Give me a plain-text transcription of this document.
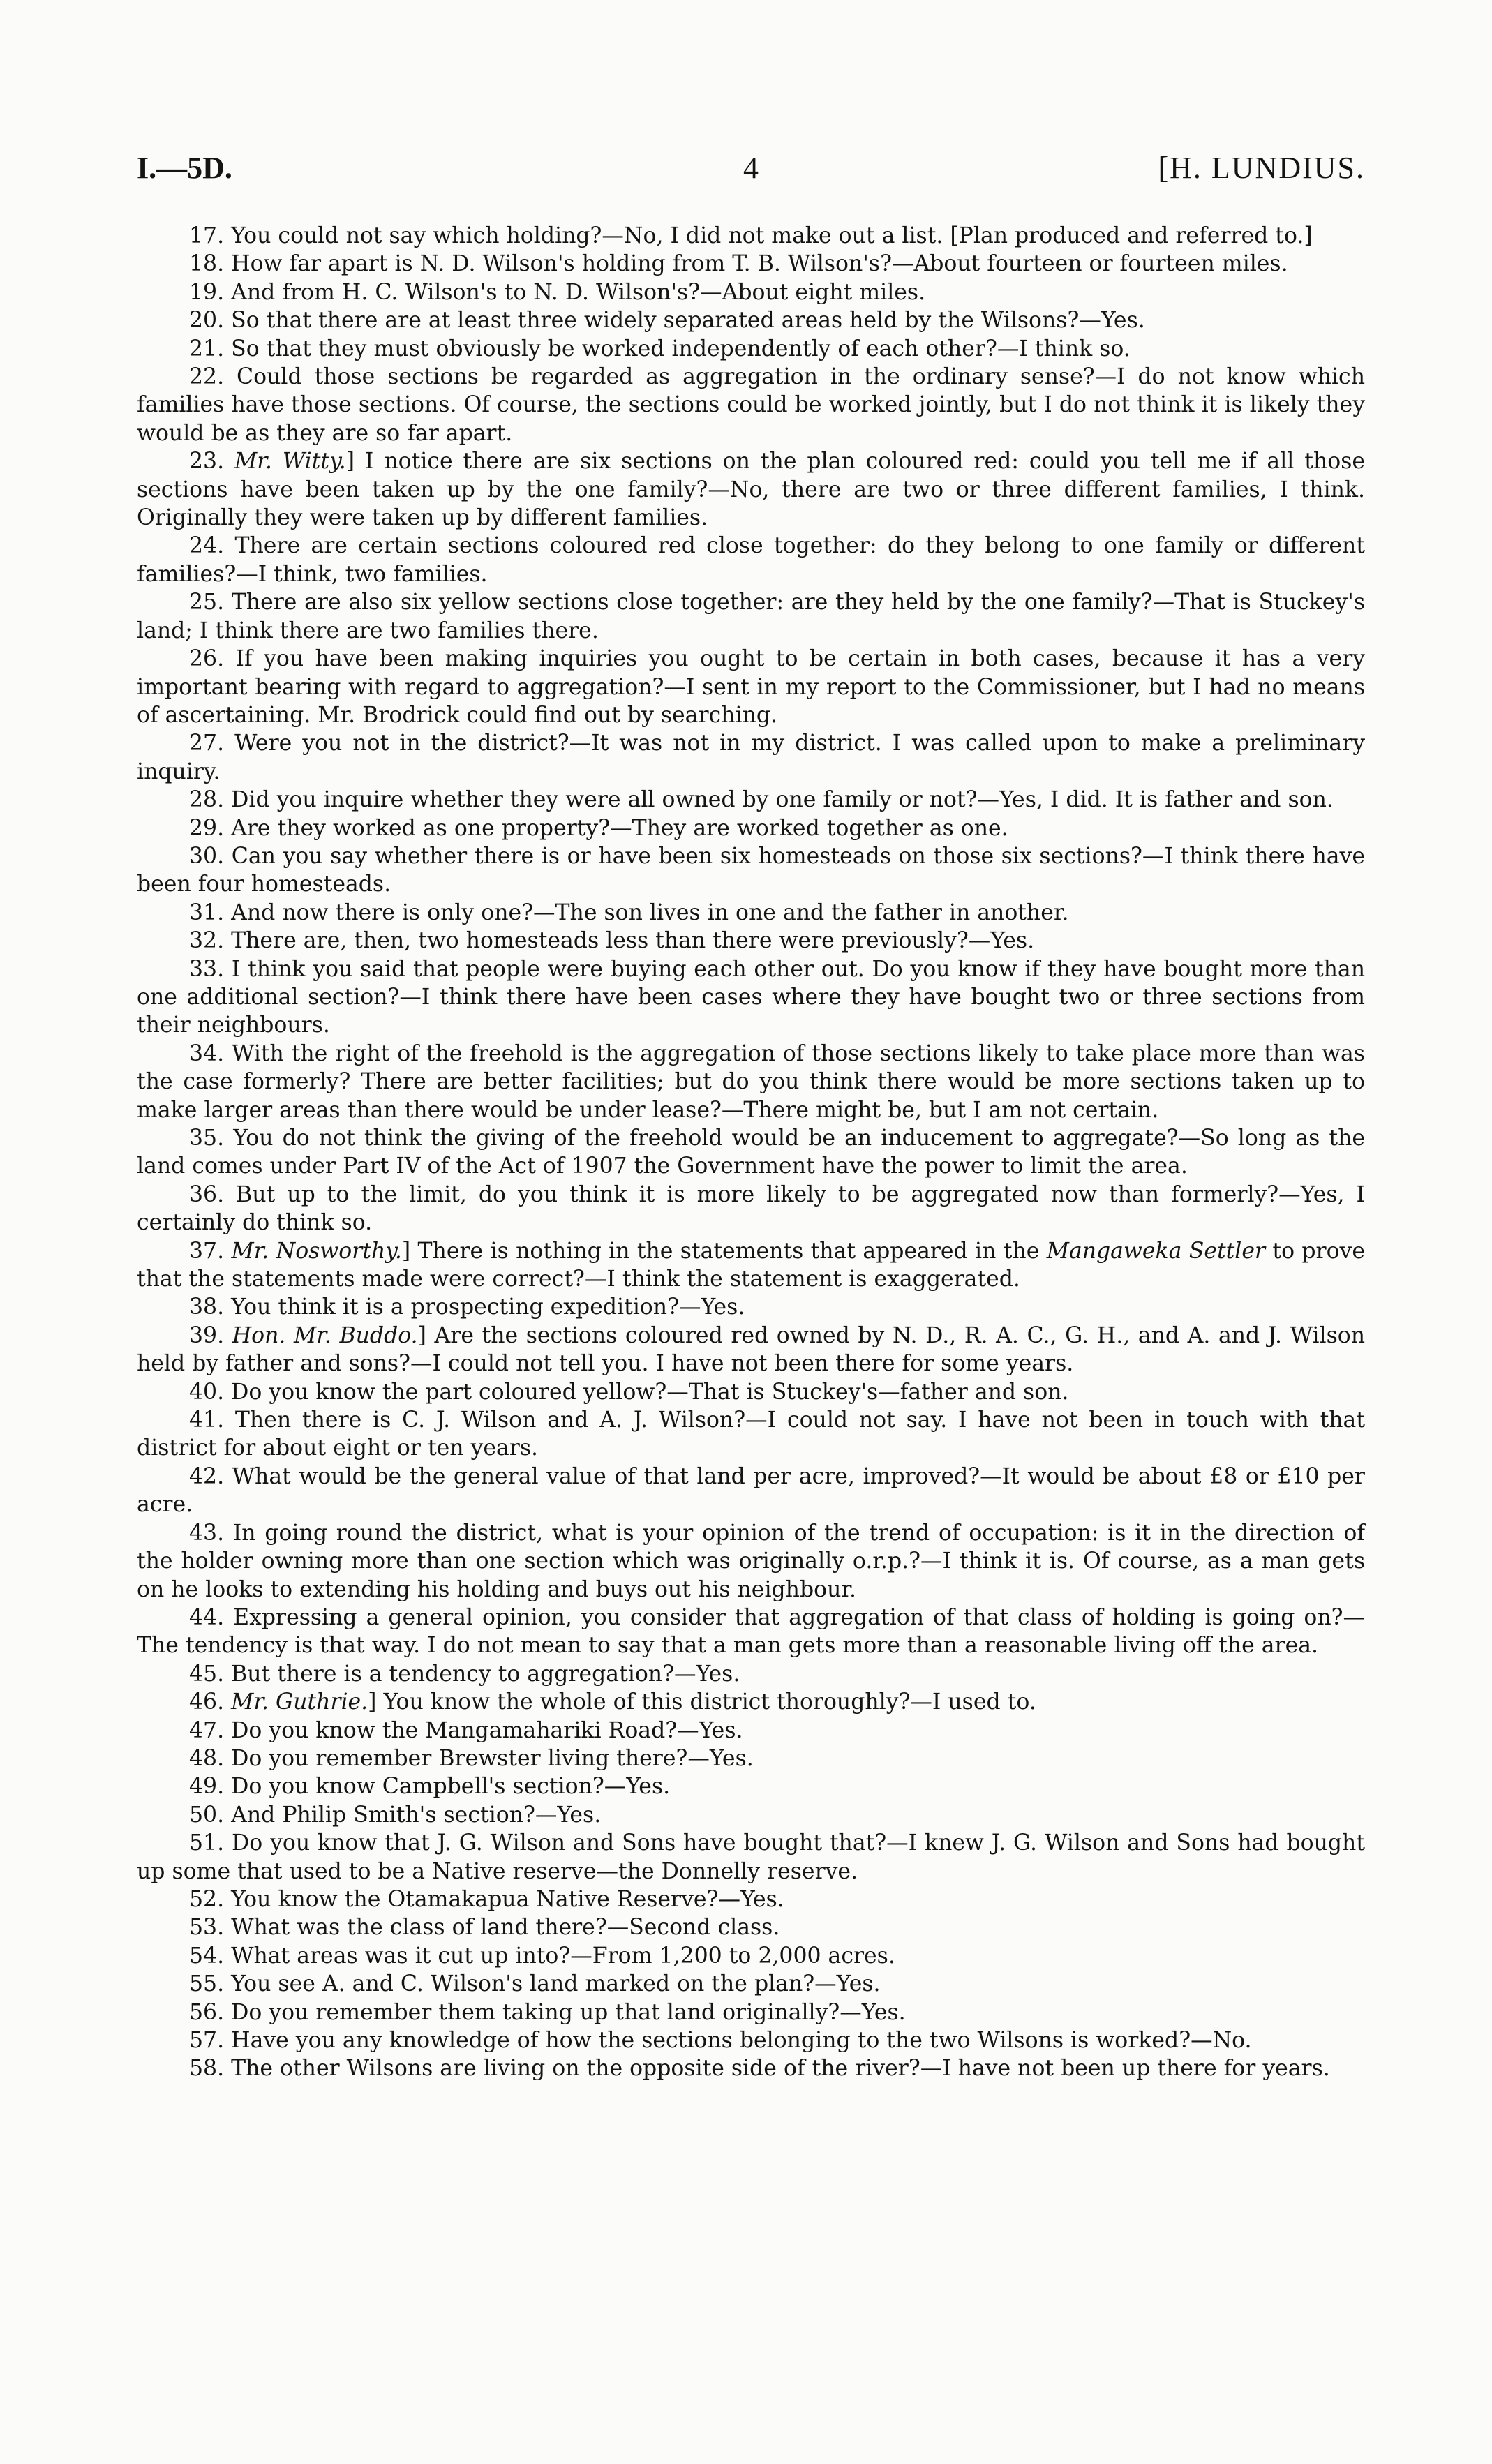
I.—5D.	4	[H. LUNDIUS.

17. You could not say which holding?—No, I did not make out a list. [Plan produced and referred to.]

18. How far apart is N. D. Wilson's holding from T. B. Wilson's?—About fourteen or fourteen miles.

19. And from H. C. Wilson's to N. D. Wilson's?—About eight miles.

20. So that there are at least three widely separated areas held by the Wilsons?—Yes.

21. So that they must obviously be worked independently of each other?—I think so.

22. Could those sections be regarded as aggregation in the ordinary sense?—I do not know which families have those sections. Of course, the sections could be worked jointly, but I do not think it is likely they would be as they are so far apart.

23. Mr. Witty.] I notice there are six sections on the plan coloured red: could you tell me if all those sections have been taken up by the one family?—No, there are two or three different families, I think. Originally they were taken up by different families.

24. There are certain sections coloured red close together: do they belong to one family or different families?—I think, two families.

25. There are also six yellow sections close together: are they held by the one family?—That is Stuckey's land; I think there are two families there.

26. If you have been making inquiries you ought to be certain in both cases, because it has a very important bearing with regard to aggregation?—I sent in my report to the Commissioner, but I had no means of ascertaining. Mr. Brodrick could find out by searching.

27. Were you not in the district?—It was not in my district. I was called upon to make a preliminary inquiry.

28. Did you inquire whether they were all owned by one family or not?—Yes, I did. It is father and son.

29. Are they worked as one property?—They are worked together as one.

30. Can you say whether there is or have been six homesteads on those six sections?—I think there have been four homesteads.

31. And now there is only one?—The son lives in one and the father in another.

32. There are, then, two homesteads less than there were previously?—Yes.

33. I think you said that people were buying each other out. Do you know if they have bought more than one additional section?—I think there have been cases where they have bought two or three sections from their neighbours.

34. With the right of the freehold is the aggregation of those sections likely to take place more than was the case formerly? There are better facilities; but do you think there would be more sections taken up to make larger areas than there would be under lease?—There might be, but I am not certain.

35. You do not think the giving of the freehold would be an inducement to aggregate?—So long as the land comes under Part IV of the Act of 1907 the Government have the power to limit the area.

36. But up to the limit, do you think it is more likely to be aggregated now than formerly?—Yes, I certainly do think so.

37. Mr. Nosworthy.] There is nothing in the statements that appeared in the Mangaweka Settler to prove that the statements made were correct?—I think the statement is exaggerated.

38. You think it is a prospecting expedition?—Yes.

39. Hon. Mr. Buddo.] Are the sections coloured red owned by N. D., R. A. C., G. H., and A. and J. Wilson held by father and sons?—I could not tell you. I have not been there for some years.

40. Do you know the part coloured yellow?—That is Stuckey's—father and son.

41. Then there is C. J. Wilson and A. J. Wilson?—I could not say. I have not been in touch with that district for about eight or ten years.

42. What would be the general value of that land per acre, improved?—It would be about £8 or £10 per acre.

43. In going round the district, what is your opinion of the trend of occupation: is it in the direction of the holder owning more than one section which was originally o.r.p.?—I think it is. Of course, as a man gets on he looks to extending his holding and buys out his neighbour.

44. Expressing a general opinion, you consider that aggregation of that class of holding is going on?—The tendency is that way. I do not mean to say that a man gets more than a reasonable living off the area.

45. But there is a tendency to aggregation?—Yes.

46. Mr. Guthrie.] You know the whole of this district thoroughly?—I used to.

47. Do you know the Mangamahariki Road?—Yes.

48. Do you remember Brewster living there?—Yes.

49. Do you know Campbell's section?—Yes.

50. And Philip Smith's section?—Yes.

51. Do you know that J. G. Wilson and Sons have bought that?—I knew J. G. Wilson and Sons had bought up some that used to be a Native reserve—the Donnelly reserve.

52. You know the Otamakapua Native Reserve?—Yes.

53. What was the class of land there?—Second class.

54. What areas was it cut up into?—From 1,200 to 2,000 acres.

55. You see A. and C. Wilson's land marked on the plan?—Yes.

56. Do you remember them taking up that land originally?—Yes.

57. Have you any knowledge of how the sections belonging to the two Wilsons is worked?—No.

58. The other Wilsons are living on the opposite side of the river?—I have not been up there for years.
